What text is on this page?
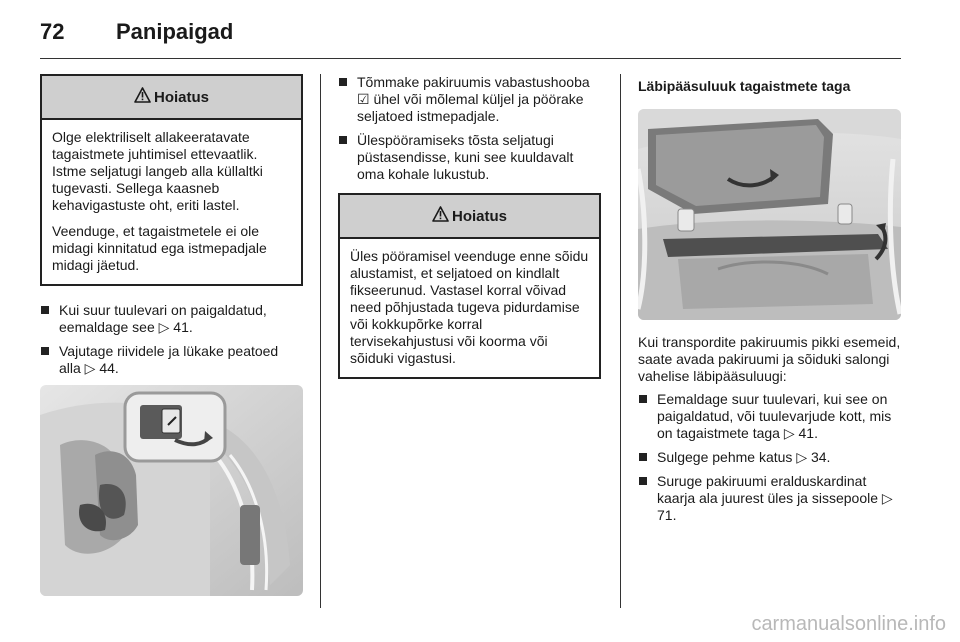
72 Panipaigad
Hoiatus

Olge elektriliselt allakeeratavate tagaistmete juhtimisel ettevaatlik. Istme seljatugi langeb alla küllaltki tugevasti. Sellega kaasneb kehavigastuste oht, eriti lastel.

Veenduge, et tagaistmetele ei ole midagi kinnitatud ega istmepadjale midagi jäetud.

Kui suur tuulevari on paigaldatud, eemaldage see ▷ 41.
Vajutage riividele ja lükake peatoed alla ▷ 44.
Tõmmake pakiruumis vabastushooba ☑ ühel või mõlemal küljel ja pöörake seljatoed istmepadjale.
Ülespööramiseks tõsta seljatugi püstasendisse, kuni see kuuldavalt oma kohale lukustub.
Hoiatus

Üles pööramisel veenduge enne sõidu alustamist, et seljatoed on kindlalt fikseerunud. Vastasel korral võivad need põhjustada tugeva pidurdamise või kokkupõrke korral tervisekahjustusi või koorma või sõiduki vigastusi.

Läbipääsuluuk tagaistmete taga

Kui transpordite pakiruumis pikki esemeid, saate avada pakiruumi ja sõiduki salongi vahelise läbipääsuluugi:

Eemaldage suur tuulevari, kui see on paigaldatud, või tuulevarjude kott, mis on tagaistmete taga ▷ 41.
Sulgege pehme katus ▷ 34.
Suruge pakiruumi eralduskardinat kaarja ala juurest üles ja sissepoole ▷ 71.
carmanualsonline.info
